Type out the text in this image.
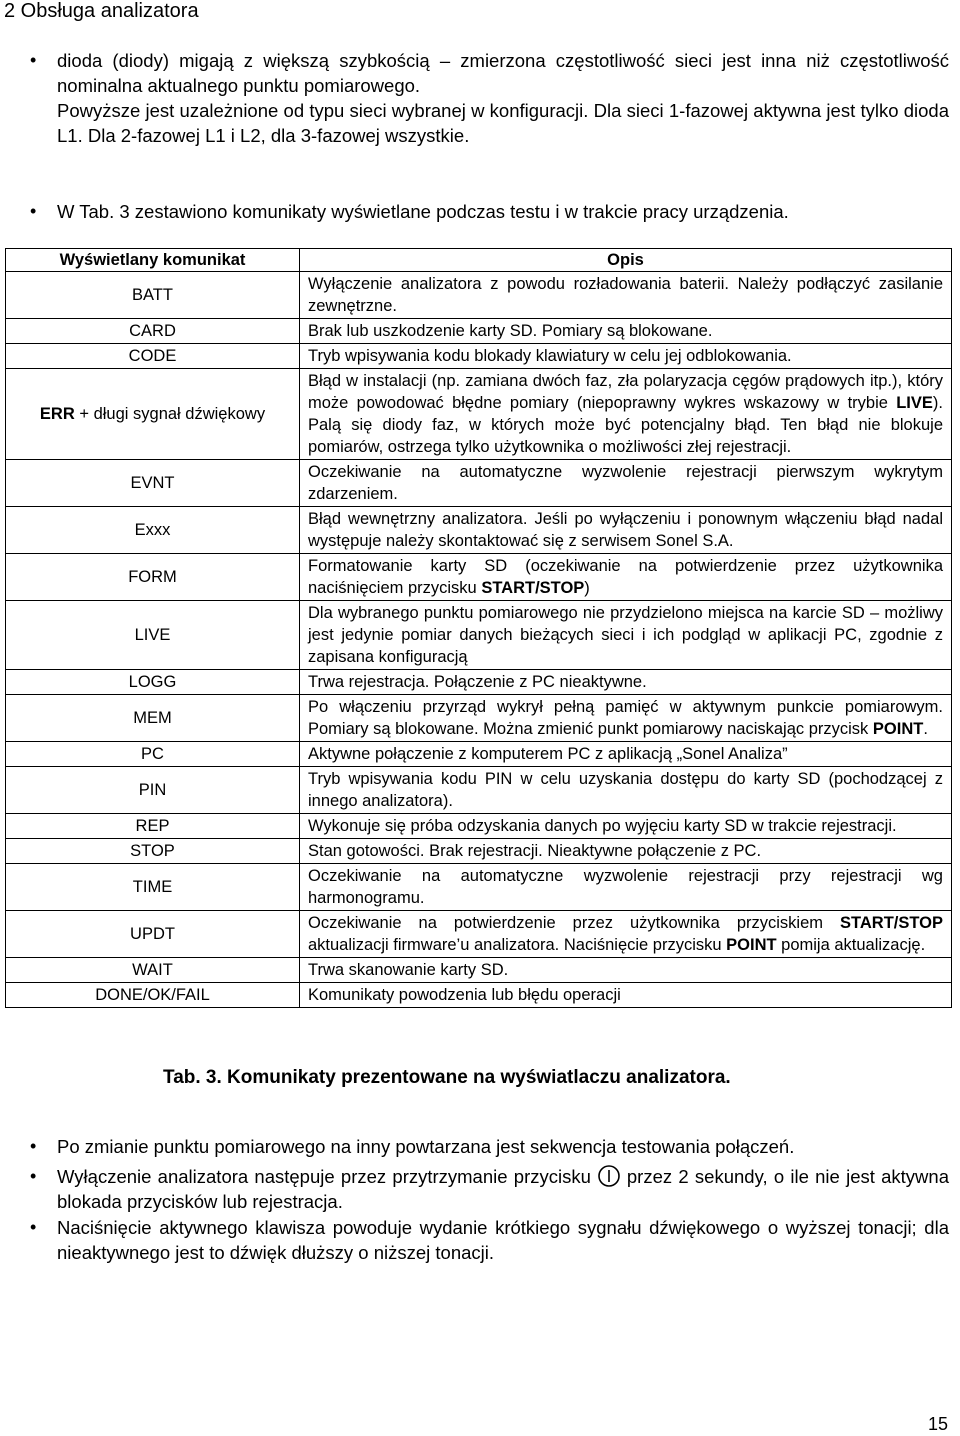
2 Obsługa analizatora
• dioda (diody) migają z większą szybkością – zmierzona częstotliwość sieci jest inna niż częstotliwość nominalna aktualnego punktu pomiarowego.
Powyższe jest uzależnione od typu sieci wybranej w konfiguracji. Dla sieci 1-fazowej aktywna jest tylko dioda L1. Dla 2-fazowej L1 i L2, dla 3-fazowej wszystkie.
• W Tab. 3 zestawiono komunikaty wyświetlane podczas testu i w trakcie pracy urządzenia.
Wyświetlany komunikat	Opis
BATT	Wyłączenie analizatora z powodu rozładowania baterii. Należy podłączyć zasilanie zewnętrzne.
CARD	Brak lub uszkodzenie karty SD. Pomiary są blokowane.
CODE	Tryb wpisywania kodu blokady klawiatury w celu jej odblokowania.
ERR + długi sygnał dźwiękowy	Błąd w instalacji (np. zamiana dwóch faz, zła polaryzacja cęgów prądowych itp.), który może powodować błędne pomiary (niepoprawny wykres wskazowy w trybie LIVE). Palą się diody faz, w których może być potencjalny błąd. Ten błąd nie blokuje pomiarów, ostrzega tylko użytkownika o możliwości złej rejestracji.
EVNT	Oczekiwanie na automatyczne wyzwolenie rejestracji pierwszym wykrytym zdarzeniem.
Exxx	Błąd wewnętrzny analizatora. Jeśli po wyłączeniu i ponownym włączeniu błąd nadal występuje należy skontaktować się z serwisem Sonel S.A.
FORM	Formatowanie karty SD (oczekiwanie na potwierdzenie przez użytkownika naciśnięciem przycisku START/STOP)
LIVE	Dla wybranego punktu pomiarowego nie przydzielono miejsca na karcie SD – możliwy jest jedynie pomiar danych bieżących sieci i ich podgląd w aplikacji PC, zgodnie z zapisana konfiguracją
LOGG	Trwa rejestracja. Połączenie z PC nieaktywne.
MEM	Po włączeniu przyrząd wykrył pełną pamięć w aktywnym punkcie pomiarowym. Pomiary są blokowane. Można zmienić punkt pomiarowy naciskając przycisk POINT.
PC	Aktywne połączenie z komputerem PC z aplikacją „Sonel Analiza”
PIN	Tryb wpisywania kodu PIN w celu uzyskania dostępu do karty SD (pochodzącej z innego analizatora).
REP	Wykonuje się próba odzyskania danych po wyjęciu karty SD w trakcie rejestracji.
STOP	Stan gotowości. Brak rejestracji. Nieaktywne połączenie z PC.
TIME	Oczekiwanie na automatyczne wyzwolenie rejestracji przy rejestracji wg harmonogramu.
UPDT	Oczekiwanie na potwierdzenie przez użytkownika przyciskiem START/STOP aktualizacji firmware’u analizatora. Naciśnięcie przycisku POINT pomija aktualizację.
WAIT	Trwa skanowanie karty SD.
DONE/OK/FAIL	Komunikaty powodzenia lub błędu operacji
Tab. 3. Komunikaty prezentowane na wyświatlaczu analizatora.
• Po zmianie punktu pomiarowego na inny powtarzana jest sekwencja testowania połączeń.
• Wyłączenie analizatora następuje przez przytrzymanie przycisku przez 2 sekundy, o ile nie jest aktywna blokada przycisków lub rejestracja.
• Naciśnięcie aktywnego klawisza powoduje wydanie krótkiego sygnału dźwiękowego o wyższej tonacji; dla nieaktywnego jest to dźwięk dłuższy o niższej tonacji.
15
